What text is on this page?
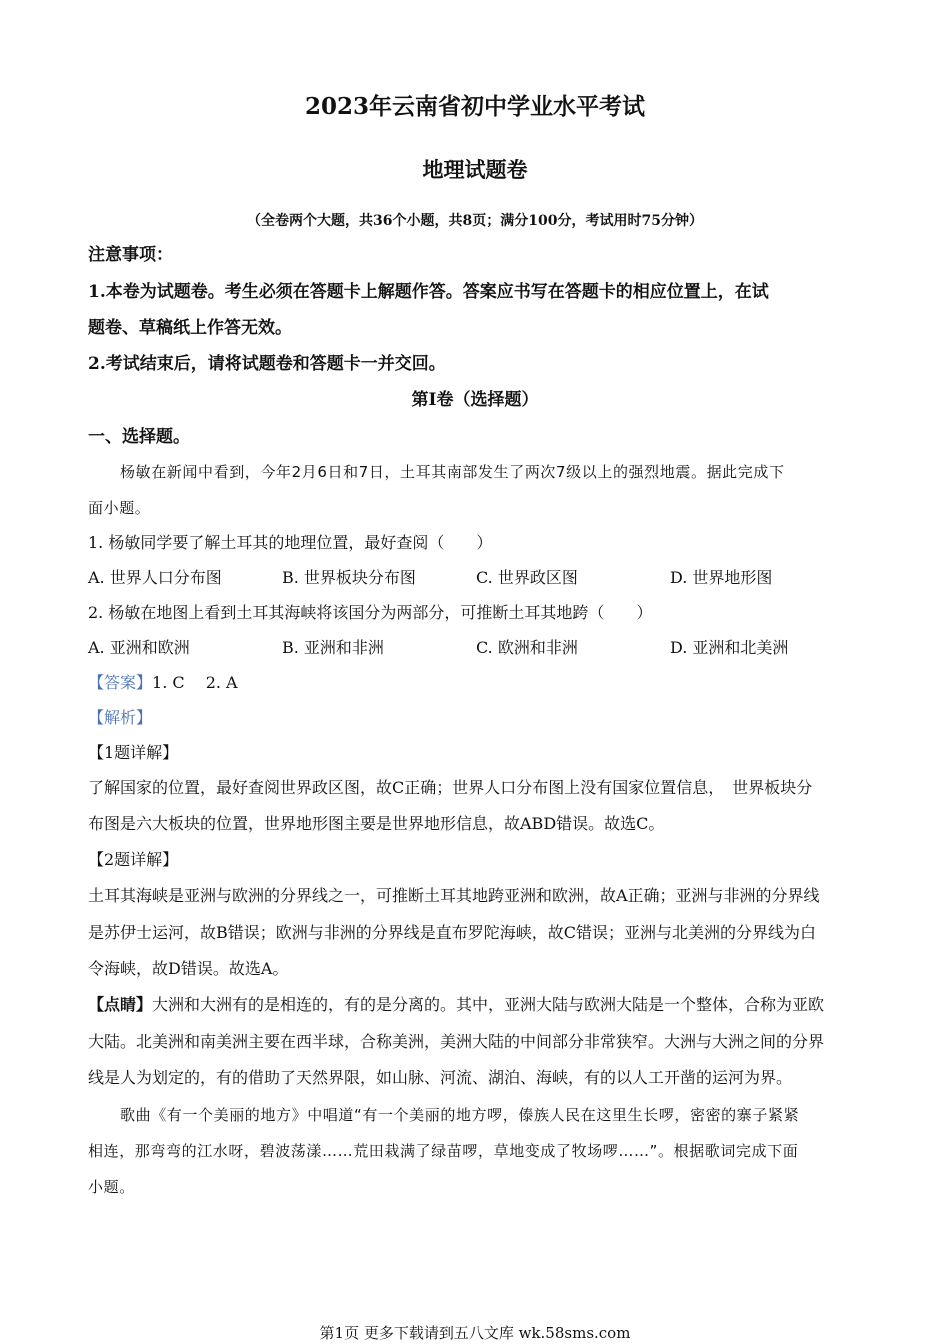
2023年云南省初中学业水平考试
地理试题卷
（全卷两个大题，共36个小题，共8页；满分100分，考试用时75分钟）
注意事项：
1.本卷为试题卷。考生必须在答题卡上解题作答。答案应书写在答题卡的相应位置上，在试
题卷、草稿纸上作答无效。
2.考试结束后，请将试题卷和答题卡一并交回。
第Ⅰ卷（选择题）
一、选择题。
杨敏在新闻中看到，今年2月6日和7日，土耳其南部发生了两次7级以上的强烈地震。据此完成下
面小题。
1. 杨敏同学要了解土耳其的地理位置，最好查阅（　　）
A. 世界人口分布图	B. 世界板块分布图	C. 世界政区图	D. 世界地形图
2. 杨敏在地图上看到土耳其海峡将该国分为两部分，可推断土耳其地跨（　　）
A. 亚洲和欧洲	B. 亚洲和非洲	C. 欧洲和非洲	D. 亚洲和北美洲
【答案】1. C　 2. A
【解析】
【1题详解】
了解国家的位置，最好查阅世界政区图，故C正确；世界人口分布图上没有国家位置信息，　世界板块分
布图是六大板块的位置，世界地形图主要是世界地形信息，故ABD错误。故选C。
【2题详解】
土耳其海峡是亚洲与欧洲的分界线之一，可推断土耳其地跨亚洲和欧洲，故A正确；亚洲与非洲的分界线
是苏伊士运河，故B错误；欧洲与非洲的分界线是直布罗陀海峡，故C错误；亚洲与北美洲的分界线为白
令海峡，故D错误。故选A。
【点睛】大洲和大洲有的是相连的，有的是分离的。其中，亚洲大陆与欧洲大陆是一个整体，合称为亚欧
大陆。北美洲和南美洲主要在西半球，合称美洲，美洲大陆的中间部分非常狭窄。大洲与大洲之间的分界
线是人为划定的，有的借助了天然界限，如山脉、河流、湖泊、海峡，有的以人工开凿的运河为界。
歌曲《有一个美丽的地方》中唱道“有一个美丽的地方啰，傣族人民在这里生长啰，密密的寨子紧紧
相连，那弯弯的江水呀，碧波荡漾……荒田栽满了绿苗啰，草地变成了牧场啰……”。根据歌词完成下面
小题。
第1页 更多下载请到五八文库 wk.58sms.com
